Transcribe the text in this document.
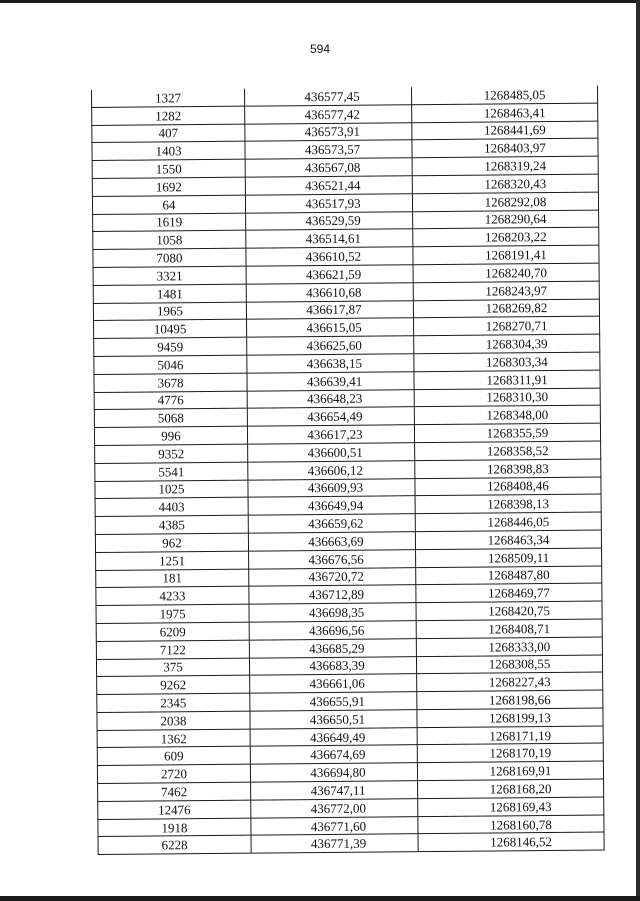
594
1327	436577,45	1268485,05
1282	436577,42	1268463,41
407	436573,91	1268441,69
1403	436573,57	1268403,97
1550	436567,08	1268319,24
1692	436521,44	1268320,43
64	436517,93	1268292,08
1619	436529,59	1268290,64
1058	436514,61	1268203,22
7080	436610,52	1268191,41
3321	436621,59	1268240,70
1481	436610,68	1268243,97
1965	436617,87	1268269,82
10495	436615,05	1268270,71
9459	436625,60	1268304,39
5046	436638,15	1268303,34
3678	436639,41	1268311,91
4776	436648,23	1268310,30
5068	436654,49	1268348,00
996	436617,23	1268355,59
9352	436600,51	1268358,52
5541	436606,12	1268398,83
1025	436609,93	1268408,46
4403	436649,94	1268398,13
4385	436659,62	1268446,05
962	436663,69	1268463,34
1251	436676,56	1268509,11
181	436720,72	1268487,80
4233	436712,89	1268469,77
1975	436698,35	1268420,75
6209	436696,56	1268408,71
7122	436685,29	1268333,00
375	436683,39	1268308,55
9262	436661,06	1268227,43
2345	436655,91	1268198,66
2038	436650,51	1268199,13
1362	436649,49	1268171,19
609	436674,69	1268170,19
2720	436694,80	1268169,91
7462	436747,11	1268168,20
12476	436772,00	1268169,43
1918	436771,60	1268160,78
6228	436771,39	1268146,52
